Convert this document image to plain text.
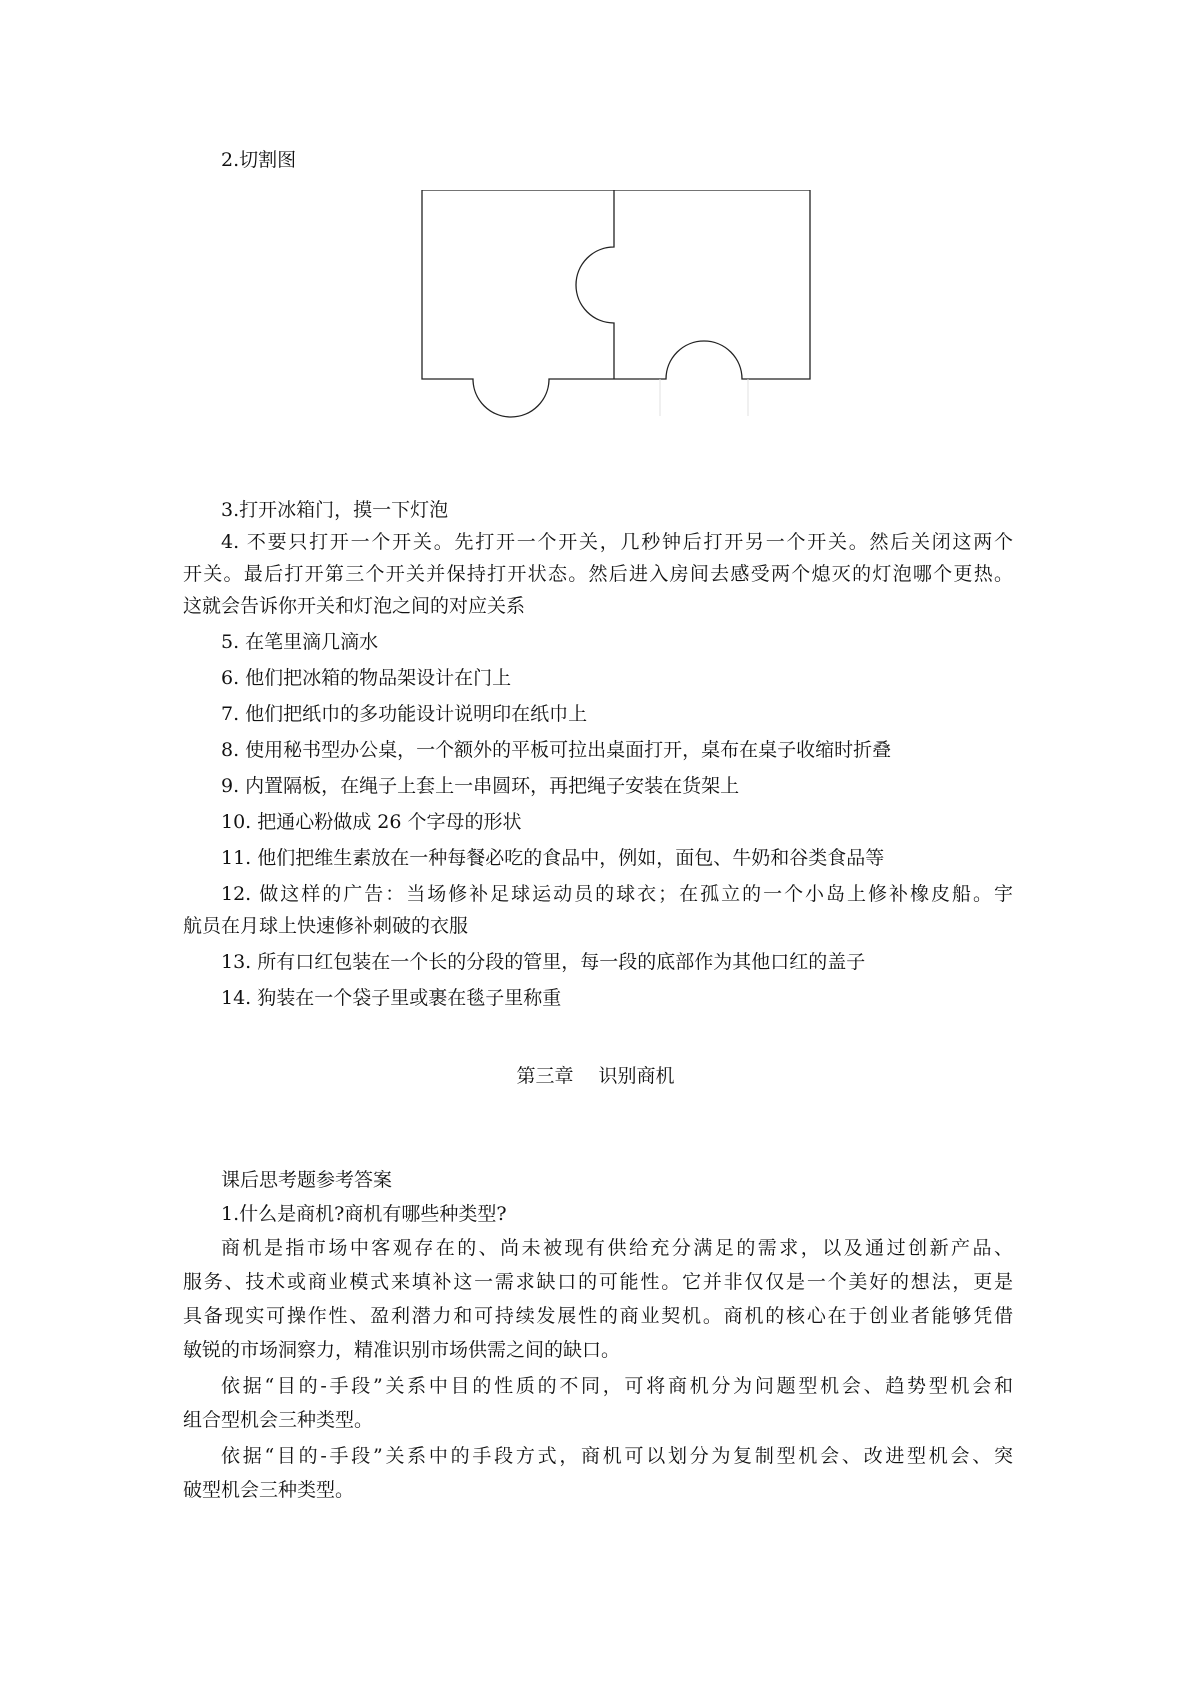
2.切割图
3.打开冰箱门，摸一下灯泡
4. 不要只打开一个开关。先打开一个开关，几秒钟后打开另一个开关。然后关闭这两个
开关。最后打开第三个开关并保持打开状态。然后进入房间去感受两个熄灭的灯泡哪个更热。
这就会告诉你开关和灯泡之间的对应关系
5. 在笔里滴几滴水
6. 他们把冰箱的物品架设计在门上
7. 他们把纸巾的多功能设计说明印在纸巾上
8. 使用秘书型办公桌，一个额外的平板可拉出桌面打开，桌布在桌子收缩时折叠
9. 内置隔板，在绳子上套上一串圆环，再把绳子安装在货架上
10. 把通心粉做成 26 个字母的形状
11. 他们把维生素放在一种每餐必吃的食品中，例如，面包、牛奶和谷类食品等
12. 做这样的广告：当场修补足球运动员的球衣；在孤立的一个小岛上修补橡皮船。宇
航员在月球上快速修补刺破的衣服
13. 所有口红包装在一个长的分段的管里，每一段的底部作为其他口红的盖子
14. 狗装在一个袋子里或裹在毯子里称重
第三章　 识别商机
课后思考题参考答案
1.什么是商机?商机有哪些种类型?
商机是指市场中客观存在的、尚未被现有供给充分满足的需求，以及通过创新产品、
服务、技术或商业模式来填补这一需求缺口的可能性。它并非仅仅是一个美好的想法，更是
具备现实可操作性、盈利潜力和可持续发展性的商业契机。商机的核心在于创业者能够凭借
敏锐的市场洞察力，精准识别市场供需之间的缺口。
依据“目的-手段”关系中目的性质的不同，可将商机分为问题型机会、趋势型机会和
组合型机会三种类型。
依据“目的-手段”关系中的手段方式，商机可以划分为复制型机会、改进型机会、突
破型机会三种类型。
